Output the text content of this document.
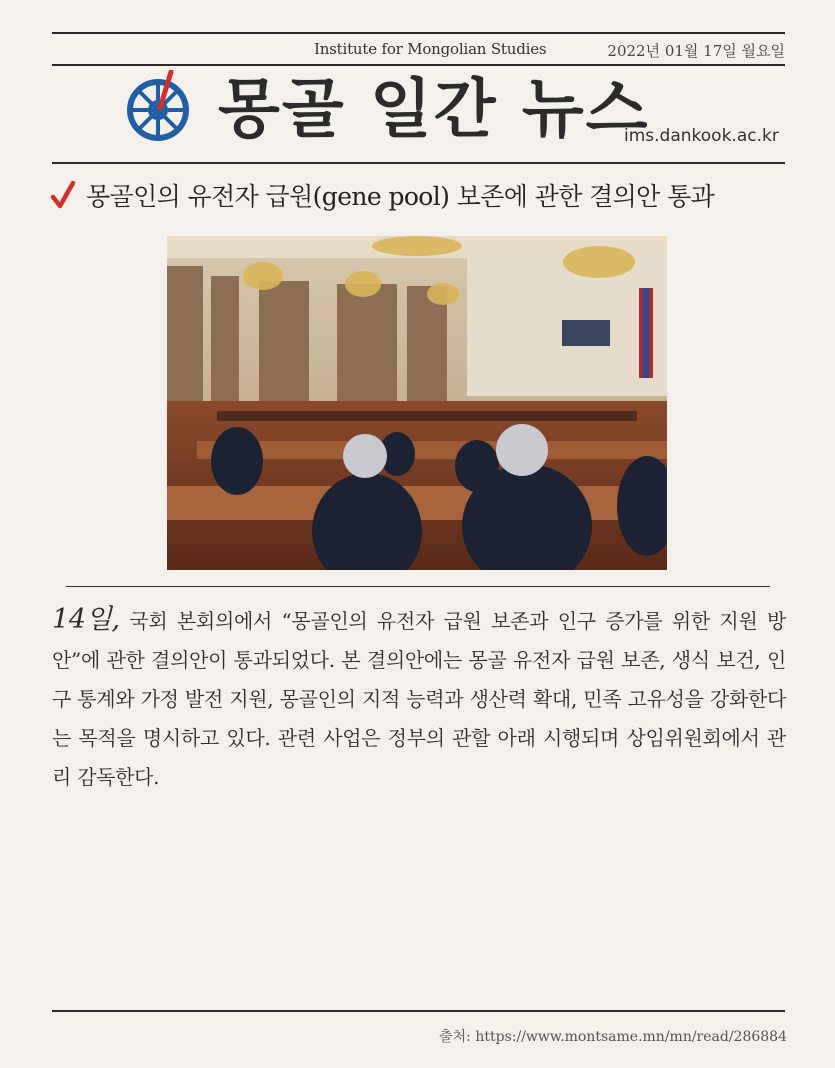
Institute for Mongolian Studies	2022년 01월 17일 월요일
몽골 일간 뉴스
ims.dankook.ac.kr
몽골인의 유전자 급원(gene pool) 보존에 관한 결의안 통과
14일, 국회 본회의에서 “몽골인의 유전자 급원 보존과 인구 증가를 위한 지원 방안”에 관한 결의안이 통과되었다. 본 결의안에는 몽골 유전자 급원 보존, 생식 보건, 인구 통계와 가정 발전 지원, 몽골인의 지적 능력과 생산력 확대, 민족 고유성을 강화한다는 목적을 명시하고 있다. 관련 사업은 정부의 관할 아래 시행되며 상임위원회에서 관리 감독한다.
출처: https://www.montsame.mn/mn/read/286884
